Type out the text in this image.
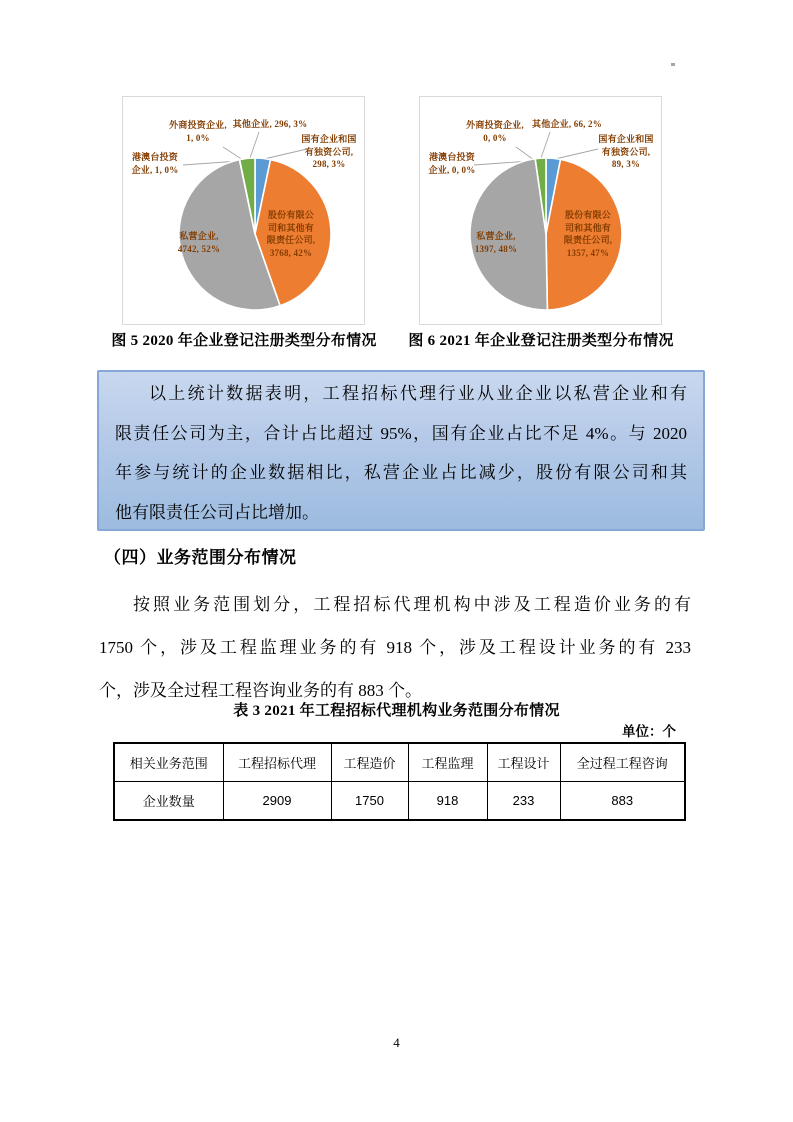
外商投资企业,
1, 0%
其他企业, 296, 3%
国有企业和国
有独资公司,
298, 3%
港澳台投资
企业, 1, 0%
私营企业,
4742, 52%
股份有限公
司和其他有
限责任公司,
3768, 42%
图 5 2020 年企业登记注册类型分布情况
外商投资企业,
0, 0%
其他企业, 66, 2%
国有企业和国
有独资公司,
89, 3%
港澳台投资
企业, 0, 0%
私营企业,
1397, 48%
股份有限公
司和其他有
限责任公司,
1357, 47%
图 6 2021 年企业登记注册类型分布情况
以上统计数据表明，工程招标代理行业从业企业以私营企业和有
限责任公司为主，合计占比超过 95%，国有企业占比不足 4%。与 2020
年参与统计的企业数据相比，私营企业占比减少，股份有限公司和其
他有限责任公司占比增加。
（四）业务范围分布情况
按照业务范围划分，工程招标代理机构中涉及工程造价业务的有
1750 个，涉及工程监理业务的有 918 个，涉及工程设计业务的有 233
个，涉及全过程工程咨询业务的有 883 个。
表 3 2021 年工程招标代理机构业务范围分布情况
单位：个
相关业务范围	工程招标代理	工程造价	工程监理	工程设计	全过程工程咨询
企业数量	2909	1750	918	233	883
4
